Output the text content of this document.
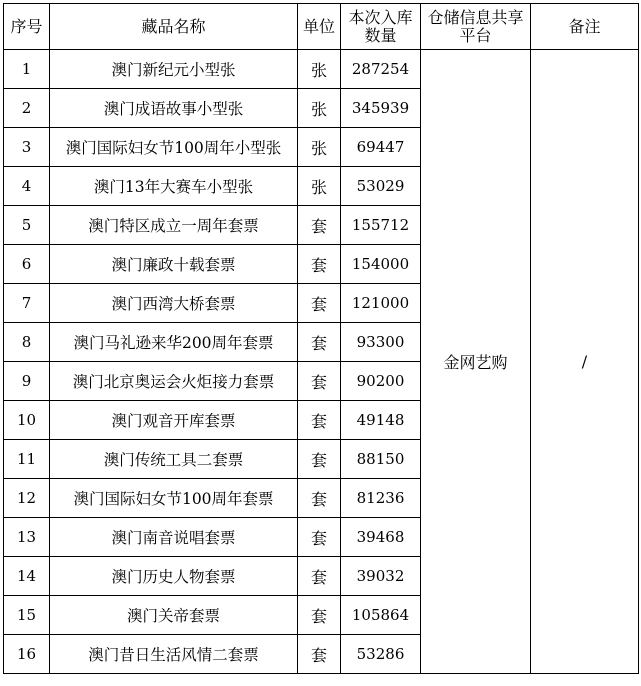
序号	藏品名称	单位	本次入库数量	仓储信息共享平台	备注
1	澳门新纪元小型张	张	287254	金网艺购	/
2	澳门成语故事小型张	张	345939		
3	澳门国际妇女节100周年小型张	张	69447		
4	澳门13年大赛车小型张	张	53029		
5	澳门特区成立一周年套票	套	155712		
6	澳门廉政十载套票	套	154000		
7	澳门西湾大桥套票	套	121000		
8	澳门马礼逊来华200周年套票	套	93300		
9	澳门北京奥运会火炬接力套票	套	90200		
10	澳门观音开库套票	套	49148		
11	澳门传统工具二套票	套	88150		
12	澳门国际妇女节100周年套票	套	81236		
13	澳门南音说唱套票	套	39468		
14	澳门历史人物套票	套	39032		
15	澳门关帝套票	套	105864		
16	澳门昔日生活风情二套票	套	53286		
